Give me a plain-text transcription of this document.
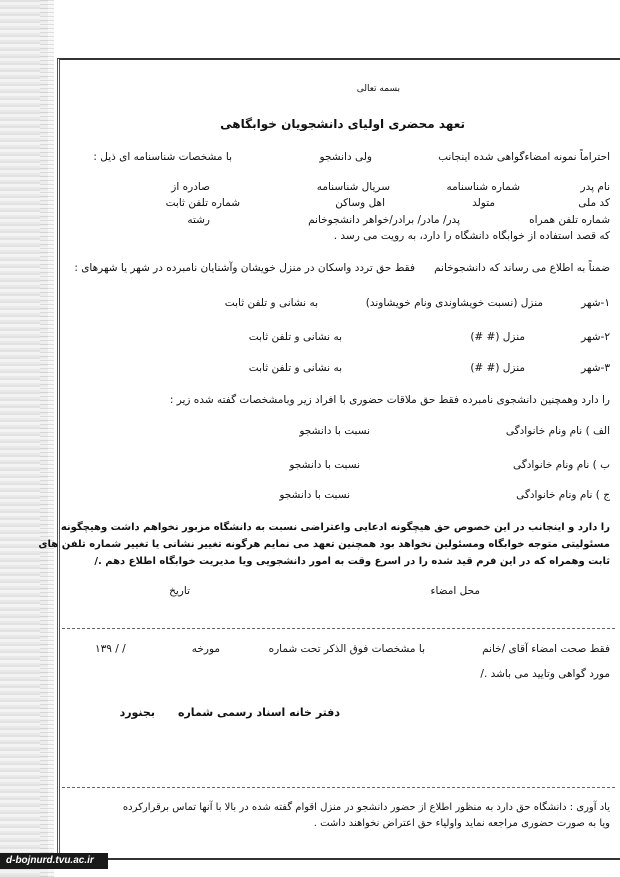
بسمه تعالی
تعهد محضری اولیای دانشجویان خوابگاهی
احتراماً نمونه امضاءگواهی شده اینجانب
ولی دانشجو
با مشخصات شناسنامه ای ذیل :
نام پدر
شماره شناسنامه
سریال شناسنامه
صادره از
کد ملی
متولد
اهل وساکن
شماره تلفن ثابت
شماره تلفن همراه
پدر/ مادر/ برادر/خواهر دانشجوخانم
رشته
که قصد استفاده از خوابگاه دانشگاه را دارد، به رویت می رسد .
ضمناً به اطلاع می رساند که دانشجوخانم
فقط حق تردد واسکان در منزل خویشان وآشنایان نامبرده در شهر یا شهرهای :
۱-شهر
منزل (نسبت خویشاوندی ونام خویشاوند)
به نشانی و تلفن ثابت
۲-شهر
منزل (# #)
به نشانی و تلفن ثابت
۳-شهر
منزل (# #)
به نشانی و تلفن ثابت
را دارد وهمچنین دانشجوی نامبرده فقط حق ملاقات حضوری با افراد زیر وبامشخصات گفته شده زیر :
الف ) نام ونام خانوادگی
نسبت با دانشجو
ب ) نام ونام خانوادگی
نسبت با دانشجو
ج ) نام ونام خانوادگی
نسبت با دانشجو
را دارد و اینجانب در این خصوص حق هیچگونه ادعایی واعتراضی نسبت به دانشگاه مزبور نخواهم داشت وهیچگونه
مسئولیتی متوجه خوابگاه ومسئولین نخواهد بود همچنین تعهد می نمایم هرگونه تغییر نشانی یا تغییر شماره تلفن های
ثابت وهمراه که در این فرم قید شده را در اسرع وقت به امور دانشجویی ویا مدیریت خوابگاه اطلاع دهم ./
محل امضاء
تاریخ
فقط صحت امضاء آقای /خانم
با مشخصات فوق الذکر تحت شماره
مورخه
۱۳۹ / /
مورد گواهی وتایید می باشد ./
دفتر خانه اسناد رسمی شماره
بجنورد
یاد آوری : دانشگاه حق دارد به منظور اطلاع از حضور دانشجو در منزل اقوام گفته شده در بالا با آنها تماس برقرارکرده
ویا به صورت حضوری مراجعه نماید واولیاء حق اعتراض نخواهند داشت .
d-bojnurd.tvu.ac.ir
